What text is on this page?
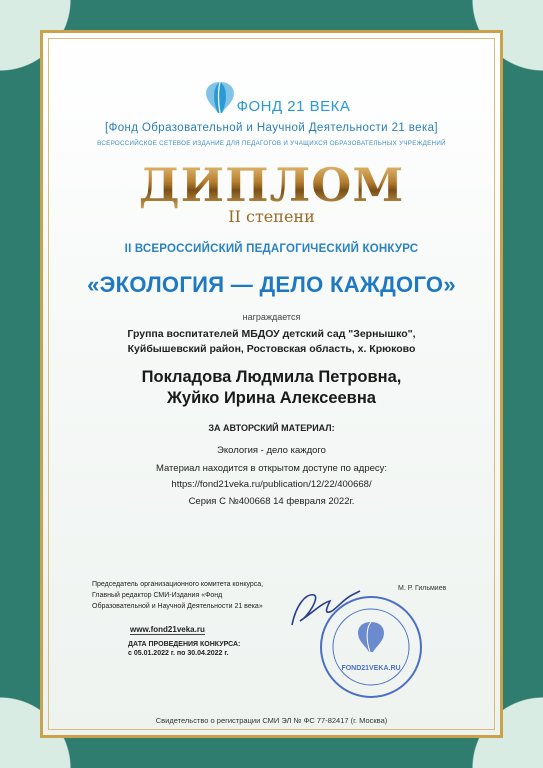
ФОНД 21 ВЕКА
[Фонд Образовательной и Научной Деятельности 21 века]
ВСЕРОССИЙСКОЕ СЕТЕВОЕ ИЗДАНИЕ ДЛЯ ПЕДАГОГОВ И УЧАЩИХСЯ ОБРАЗОВАТЕЛЬНЫХ УЧРЕЖДЕНИЙ
ДИПЛОМ
II степени
II ВСЕРОССИЙСКИЙ ПЕДАГОГИЧЕСКИЙ КОНКУРС
«ЭКОЛОГИЯ — ДЕЛО КАЖДОГО»
награждается
Группа воспитателей МБДОУ детский сад "Зернышко",
Куйбышевский район, Ростовская область, х. Крюково
Покладова Людмила Петровна,
Жуйко Ирина Алексеевна
ЗА АВТОРСКИЙ МАТЕРИАЛ:
Экология - дело каждого
Материал находится в открытом доступе по адресу:
https://fond21veka.ru/publication/12/22/400668/
Серия С №400668 14 февраля 2022г.
Председатель организационного комитета конкурса,
Главный редактор СМИ-Издания «Фонд
Образовательной и Научной Деятельности 21 века»
www.fond21veka.ru
ДАТА ПРОВЕДЕНИЯ КОНКУРСА:
с 05.01.2022 г. по 30.04.2022 г.
М. Р. Гильмиев
FOND21VEKA.RU
Свидетельство о регистрации СМИ ЭЛ № ФС 77-82417 (г. Москва)
